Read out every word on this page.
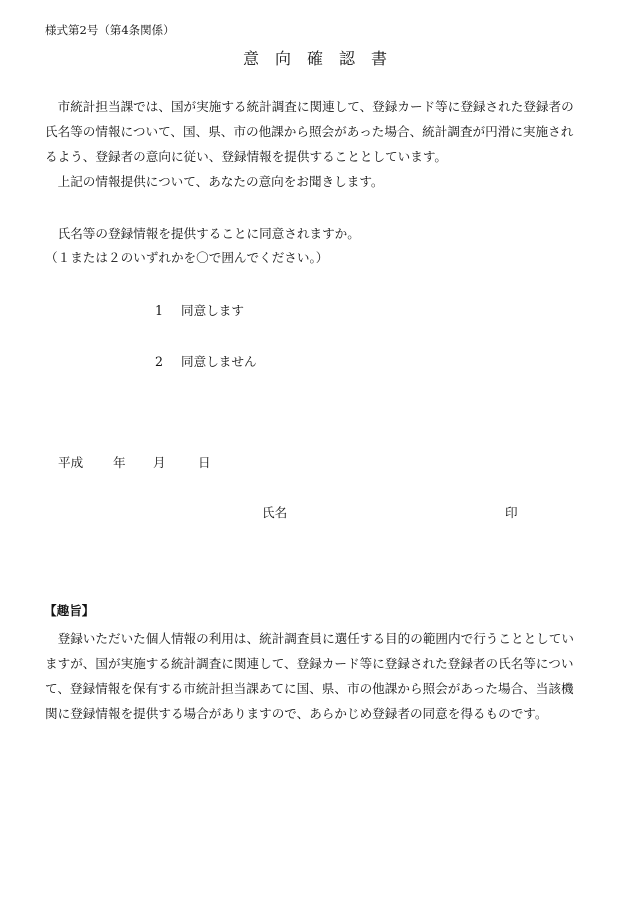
様式第2号（第4条関係）
意　向　確　認　書

市統計担当課では、国が実施する統計調査に関連して、登録カード等に登録された登録者の氏名等の情報について、国、県、市の他課から照会があった場合、統計調査が円滑に実施されるよう、登録者の意向に従い、登録情報を提供することとしています。

上記の情報提供について、あなたの意向をお聞きします。

氏名等の登録情報を提供することに同意されますか。

（１または２のいずれかを〇で囲んでください。）

1 同意します
2 同意しません
平成 年 月	日
氏名	印
【趣旨】

登録いただいた個人情報の利用は、統計調査員に選任する目的の範囲内で行うこととしていますが、国が実施する統計調査に関連して、登録カード等に登録された登録者の氏名等について、登録情報を保有する市統計担当課あてに国、県、市の他課から照会があった場合、当該機関に登録情報を提供する場合がありますので、あらかじめ登録者の同意を得るものです。
